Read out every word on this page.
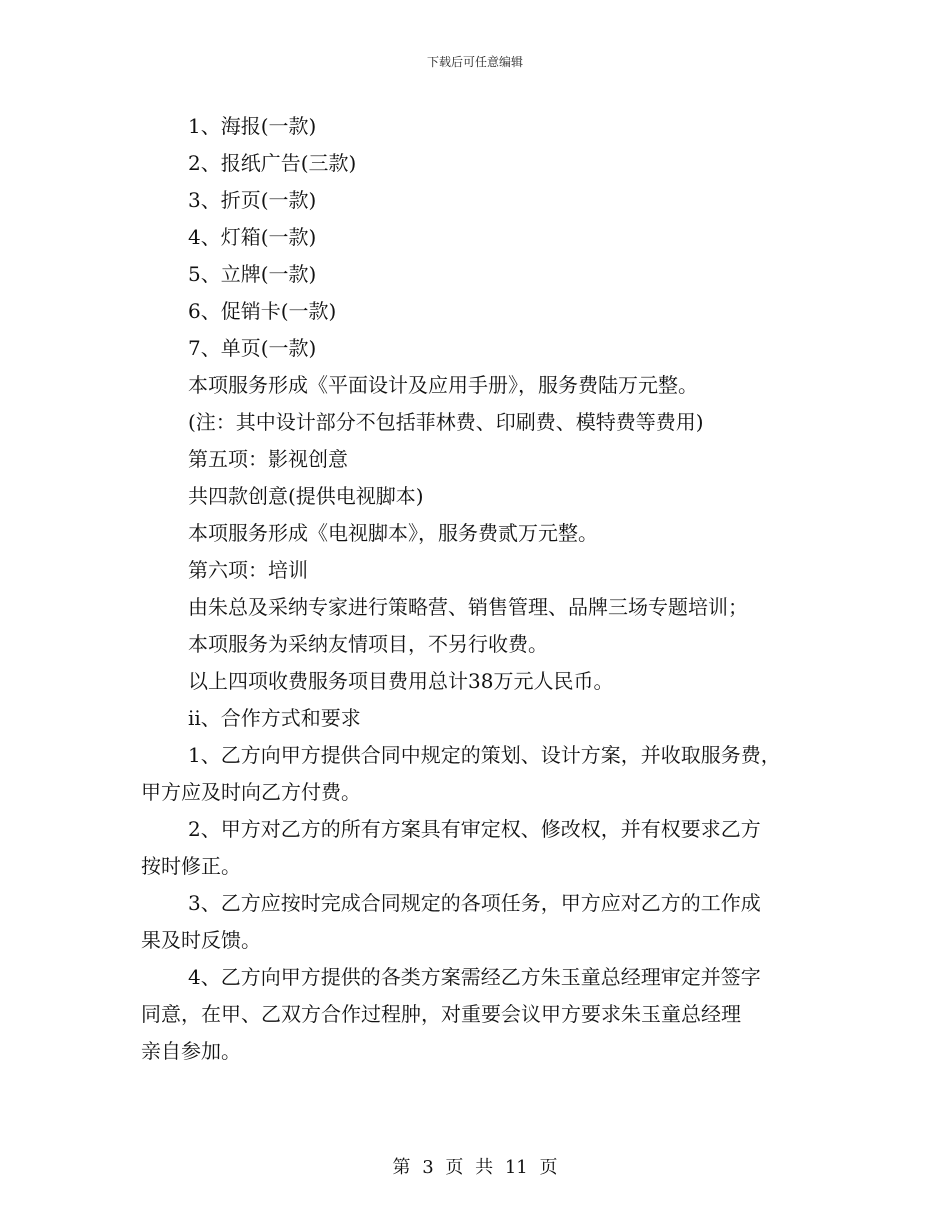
下载后可任意编辑
1、海报(一款)
2、报纸广告(三款)
3、折页(一款)
4、灯箱(一款)
5、立牌(一款)
6、促销卡(一款)
7、单页(一款)
本项服务形成《平面设计及应用手册》，服务费陆万元整。
(注：其中设计部分不包括菲林费、印刷费、模特费等费用)
第五项：影视创意
共四款创意(提供电视脚本)
本项服务形成《电视脚本》，服务费贰万元整。
第六项：培训
由朱总及采纳专家进行策略营、销售管理、品牌三场专题培训；
本项服务为采纳友情项目，不另行收费。
以上四项收费服务项目费用总计38万元人民币。
ⅱ、合作方式和要求
1、乙方向甲方提供合同中规定的策划、设计方案，并收取服务费，
甲方应及时向乙方付费。
2、甲方对乙方的所有方案具有审定权、修改权，并有权要求乙方
按时修正。
3、乙方应按时完成合同规定的各项任务，甲方应对乙方的工作成
果及时反馈。
4、乙方向甲方提供的各类方案需经乙方朱玉童总经理审定并签字
同意，在甲、乙双方合作过程肿，对重要会议甲方要求朱玉童总经理
亲自参加。
第 3 页 共 11 页
